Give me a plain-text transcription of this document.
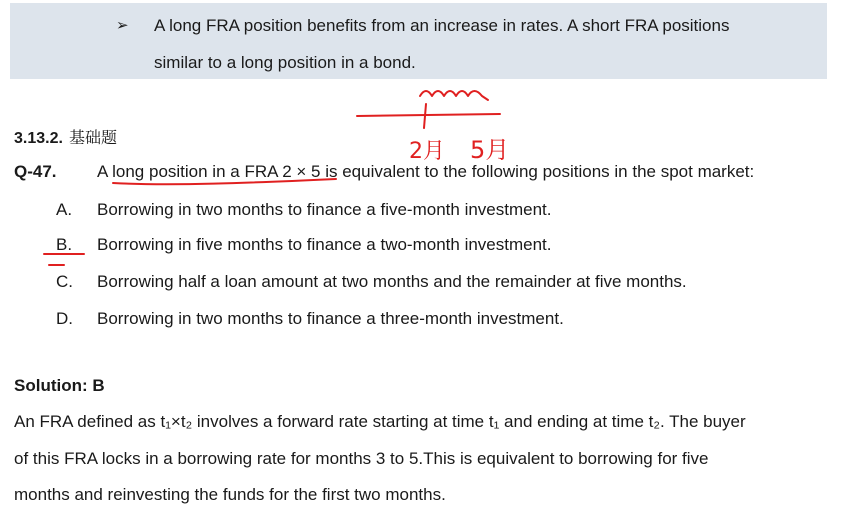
➢ A long FRA position benefits from an increase in rates. A short FRA positions
similar to a long position in a bond.
3.13.2. 基础题
Q-47. A long position in a FRA 2 × 5 is equivalent to the following positions in the spot market:
A. Borrowing in two months to finance a five-month investment.
B. Borrowing in five months to finance a two-month investment.
C. Borrowing half a loan amount at two months and the remainder at five months.
D. Borrowing in two months to finance a three-month investment.
Solution: B
An FRA defined as t₁×t₂ involves a forward rate starting at time t₁ and ending at time t₂. The buyer
of this FRA locks in a borrowing rate for months 3 to 5.This is equivalent to borrowing for five
months and reinvesting the funds for the first two months.
2月 5月
